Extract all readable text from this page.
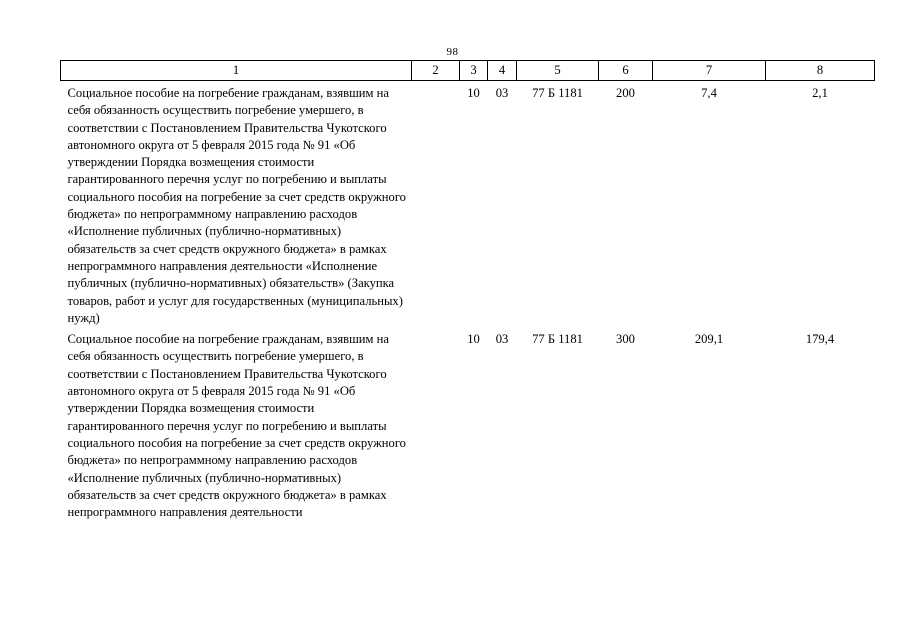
98
1	2	3	4	5	6	7	8
Социальное пособие на погребение гражданам, взявшим на себя обязанность осуществить погребение умершего, в соответствии с Постановлением Правительства Чукотского автономного округа от 5 февраля 2015 года № 91 «Об утверждении Порядка возмещения стоимости гарантированного перечня услуг по погребению и выплаты социального пособия на погребение за счет средств окружного бюджета» по непрограммному направлению расходов «Исполнение публичных (публично-нормативных) обязательств за счет средств окружного бюджета» в рамках непрограммного направления деятельности «Исполнение публичных (публично-нормативных) обязательств» (Закупка товаров, работ и услуг для государственных (муниципальных) нужд)		10	03	77 Б 1181	200	7,4	2,1
Социальное пособие на погребение гражданам, взявшим на себя обязанность осуществить погребение умершего, в соответствии с Постановлением Правительства Чукотского автономного округа от 5 февраля 2015 года № 91 «Об утверждении Порядка возмещения стоимости гарантированного перечня услуг по погребению и выплаты социального пособия на погребение за счет средств окружного бюджета» по непрограммному направлению расходов «Исполнение публичных (публично-нормативных) обязательств за счет средств окружного бюджета» в рамках непрограммного направления деятельности		10	03	77 Б 1181	300	209,1	179,4
